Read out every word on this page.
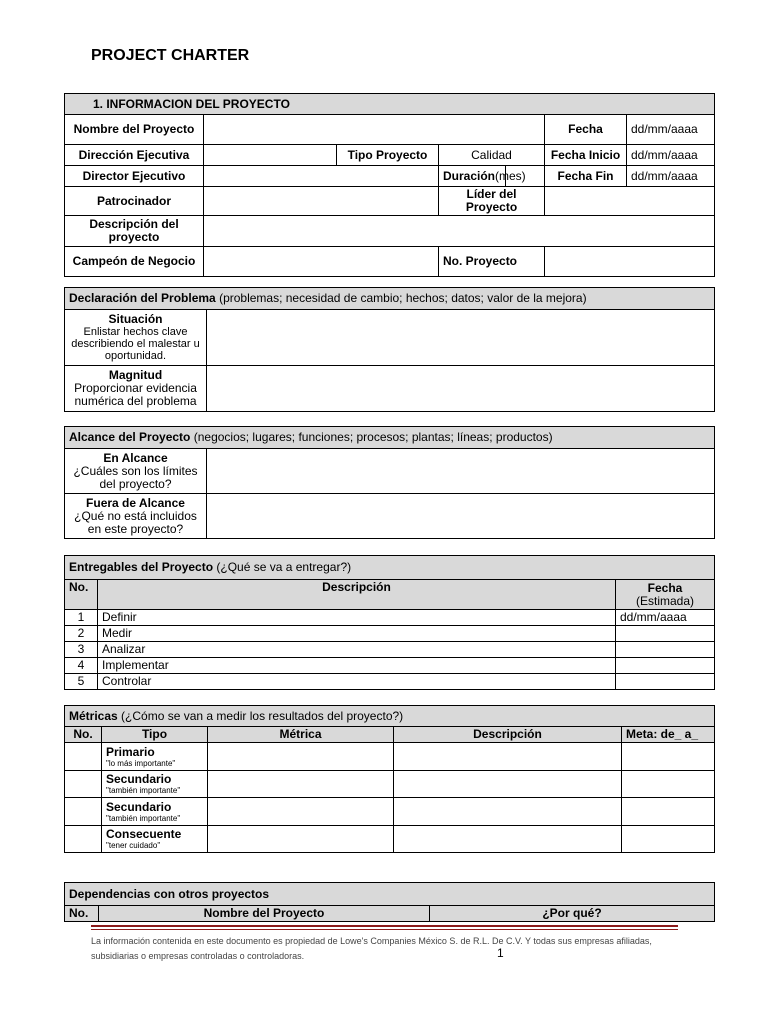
PROJECT CHARTER
1. INFORMACION DEL PROYECTO						
Nombre del Proyecto					Fecha	dd/mm/aaaa
Dirección Ejecutiva		Tipo Proyecto	Calidad		Fecha Inicio	dd/mm/aaaa
Director Ejecutivo			Duración(mes)		Fecha Fin	dd/mm/aaaa
Patrocinador			Líder del Proyecto			
Descripción del proyecto						
Campeón de Negocio			No. Proyecto			
Declaración del Problema (problemas; necesidad de cambio; hechos; datos; valor de la mejora)	

Situación
Enlistar hechos clave describiendo el malestar u oportunidad.	

Magnitud
Proporcionar evidencia numérica del problema	

Alcance del Proyecto (negocios; lugares; funciones; procesos; plantas; líneas; productos)	

En Alcance
¿Cuáles son los límites del proyecto?	

Fuera de Alcance
¿Qué no está incluidos en este proyecto?	

Entregables del Proyecto (¿Qué se va a entregar?)		
No.	Descripción	Fecha
(Estimada)

1	Definir	dd/mm/aaaa
2	Medir	
3	Analizar	
4	Implementar	
5	Controlar	
Métricas (¿Cómo se van a medir los resultados del proyecto?)				
No.	Tipo	Métrica	Descripción	Meta: de_ a_

	Primario
"lo más importante"			

	Secundario
"también importante"			

	Secundario
"también importante"			

	Consecuente
"tener cuidado"			

Dependencias con otros proyectos
No.	Nombre del Proyecto	¿Por qué?
La información contenida en este documento es propiedad de Lowe's Companies México S. de R.L. De C.V. Y todas sus empresas afiliadas, subsidiarias o empresas controladas o controladoras.	1
